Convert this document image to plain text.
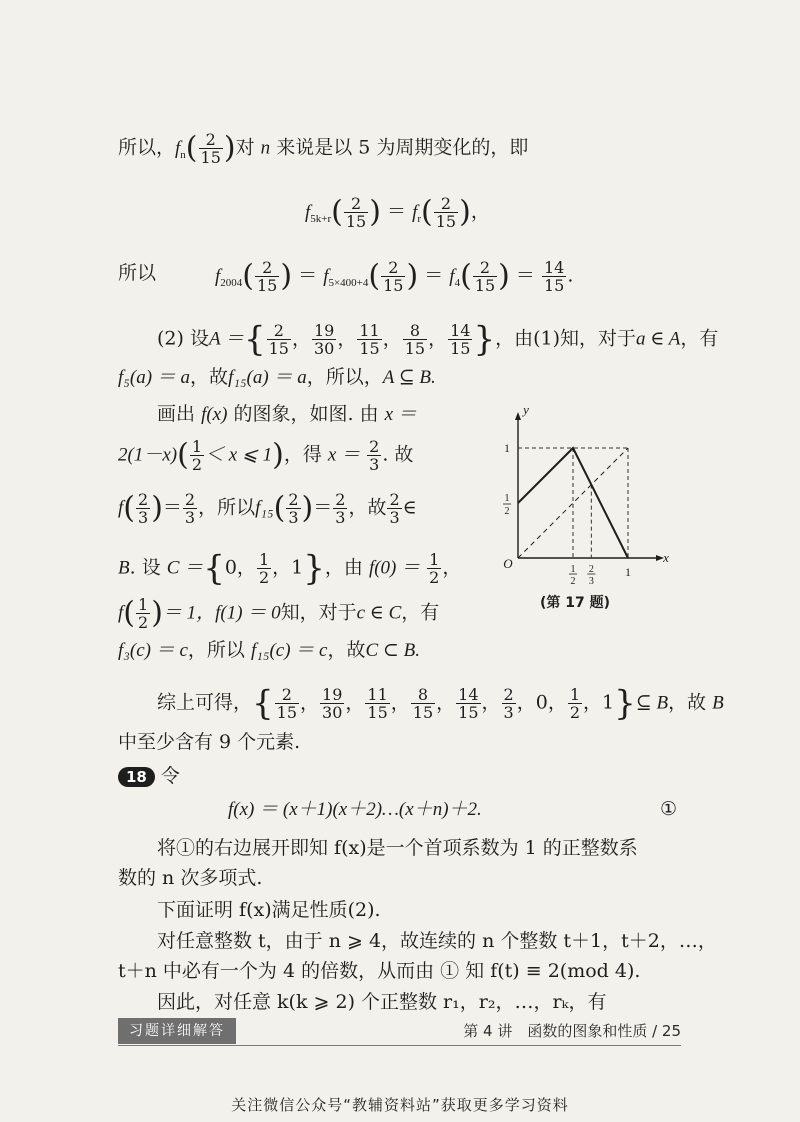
所以，$f_n( \frac{2}{15}$ )对 n 来说是以 5 为周期变化的，即
$f_{5k+r}( \frac{2}{15}$ ) ＝ $f_r( \frac{2}{15}$ )，
所以	$f_{2004}( \frac{2}{15}$ ) ＝ $f_{5\times 400+4}( \frac{2}{15}$ ) ＝ $f_4( \frac{2}{15}$ ) ＝ $\frac{14}{15}$ .
(2) 设A ＝{ $\frac{2}{15}$ ， $\frac{19}{30}$ ， $\frac{11}{15}$ ， $\frac{8}{15}$ ， $\frac{14}{15}$ }，由(1)知，对于a ∈ A，有
f₅(a) ＝ a，故f₁₅(a) ＝ a，所以，A ⊆ B.
画出 f(x) 的图象，如图. 由 x ＝
$2(1-x)( \frac{1}{2} < x$ ⩽ 1)，得 $x = \frac{2}{3}$ . 故
$f( \frac{2}{3}$ )＝ $\frac{2}{3}$ ，所以$f_{15}( \frac{2}{3}$ )＝ $\frac{2}{3}$ ，故 $\frac{2}{3}$ ∈
B. 设 C ＝{0， $\frac{1}{2}$ ，1}，由 $f(0) = \frac{1}{2}$ ，
$f( \frac{1}{2}$ )＝ 1，f(1) ＝ 0知，对于c ∈ C，有
f₃(c) ＝ c，所以 f₁₅(c) ＝ c，故C ⊂ B.
综上可得，{ $\frac{2}{15}$ ， $\frac{19}{30}$ ， $\frac{11}{15}$ ， $\frac{8}{15}$ ， $\frac{14}{15}$ ， $\frac{2}{3}$ ，0， $\frac{1}{2}$ ，1}⊆ B，故 B
中至少含有 9 个元素.
18 令
f(x) ＝ (x＋1)(x＋2)…(x＋n)＋2.	①
将①的右边展开即知 f(x)是一个首项系数为 1 的正整数系
数的 n 次多项式.
下面证明 f(x)满足性质(2).
对任意整数 t，由于 n ⩾ 4，故连续的 n 个整数 t＋1，t＋2，…，
t＋n 中必有一个为 4 的倍数，从而由 ① 知 f(t) ≡ 2(mod 4).
因此，对任意 k(k ⩾ 2) 个正整数 r₁，r₂，…，rₖ，有
x
y
O	1
2
2
3
1
1
2
1
(第 17 题)
习题详细解答	第 4 讲　函数的图象和性质 / 25
关注微信公众号“教辅资料站”获取更多学习资料
